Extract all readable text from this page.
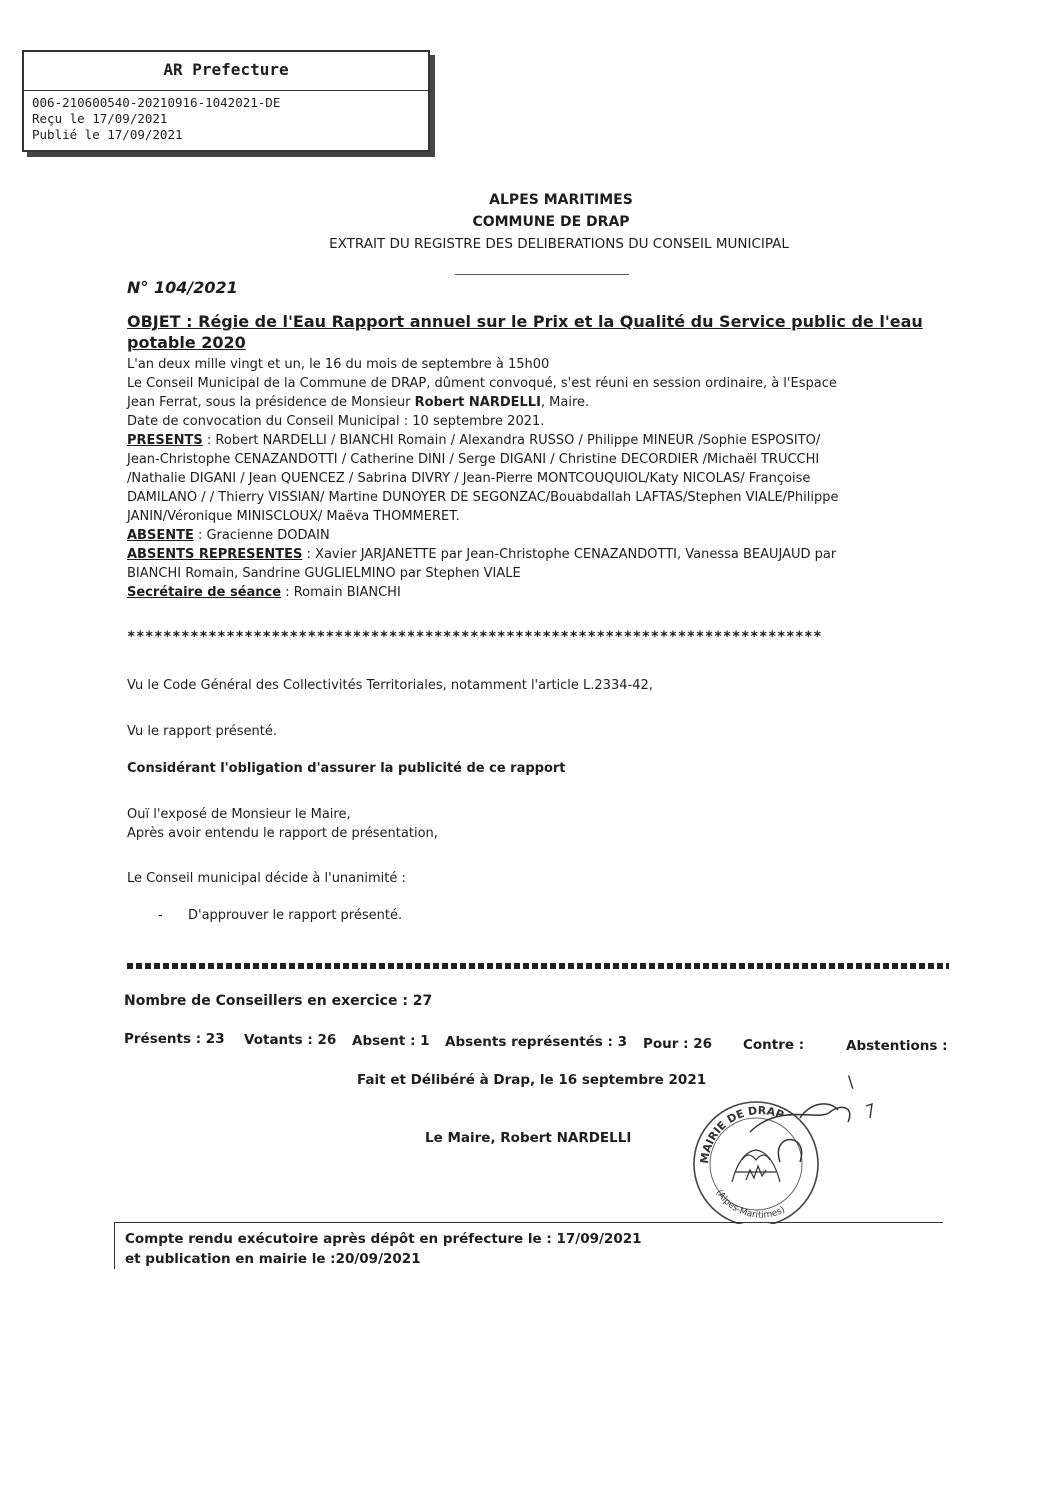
AR Prefecture
006-210600540-20210916-1042021-DE
Reçu le 17/09/2021
Publié le 17/09/2021
ALPES MARITIMES
COMMUNE DE DRAP
EXTRAIT DU REGISTRE DES DELIBERATIONS DU CONSEIL MUNICIPAL
N° 104/2021
OBJET : Régie de l'Eau Rapport annuel sur le Prix et la Qualité du Service public de l'eau
potable 2020
L'an deux mille vingt et un, le 16 du mois de septembre à 15h00
Le Conseil Municipal de la Commune de DRAP, dûment convoqué, s'est réuni en session ordinaire, à l'Espace
Jean Ferrat, sous la présidence de Monsieur Robert NARDELLI, Maire.
Date de convocation du Conseil Municipal : 10 septembre 2021.
PRESENTS : Robert NARDELLI / BIANCHI Romain / Alexandra RUSSO / Philippe MINEUR /Sophie ESPOSITO/
Jean-Christophe CENAZANDOTTI / Catherine DINI / Serge DIGANI / Christine DECORDIER /Michaël TRUCCHI
/Nathalie DIGANI / Jean QUENCEZ / Sabrina DIVRY / Jean-Pierre MONTCOUQUIOL/Katy NICOLAS/ Françoise
DAMILANO / / Thierry VISSIAN/ Martine DUNOYER DE SEGONZAC/Bouabdallah LAFTAS/Stephen VIALE/Philippe
JANIN/Véronique MINISCLOUX/ Maëva THOMMERET.
ABSENTE : Gracienne DODAIN
ABSENTS REPRESENTES : Xavier JARJANETTE par Jean-Christophe CENAZANDOTTI, Vanessa BEAUJAUD par
BIANCHI Romain, Sandrine GUGLIELMINO par Stephen VIALE
Secrétaire de séance : Romain BIANCHI
*****************************************************************************
Vu le Code Général des Collectivités Territoriales, notamment l'article L.2334-42,
Vu le rapport présenté.
Considérant l'obligation d'assurer la publicité de ce rapport
Ouï l'exposé de Monsieur le Maire,
Après avoir entendu le rapport de présentation,
Le Conseil municipal décide à l'unanimité :
- D'approuver le rapport présenté.
Nombre de Conseillers en exercice : 27
Présents : 23 Votants : 26 Absent : 1 Absents représentés : 3 Pour : 26 Contre :	Abstentions :
\
Fait et Délibéré à Drap, le 16 septembre 2021
Le Maire, Robert NARDELLI
MAIRIE DE DRAP
(Alpes-Maritimes)
Compte rendu exécutoire après dépôt en préfecture le : 17/09/2021
et publication en mairie le :20/09/2021
